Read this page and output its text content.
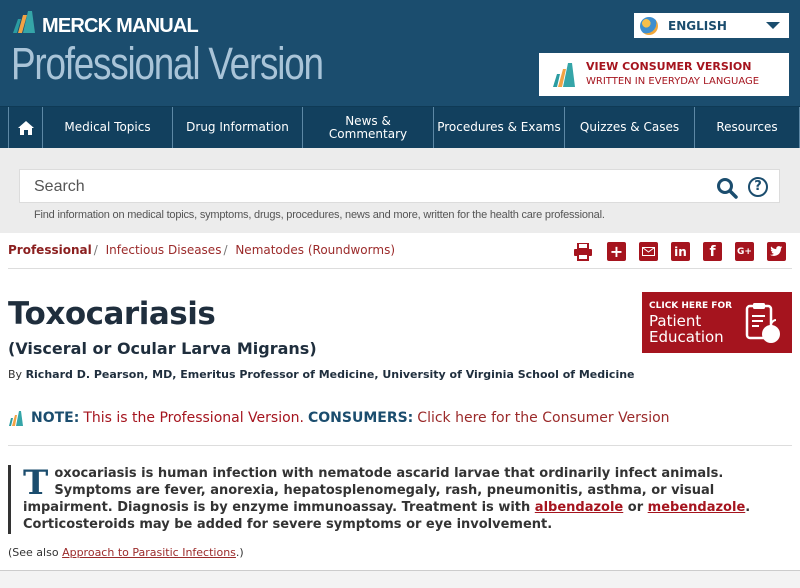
MERCK MANUAL
Professional Version
ENGLISH
VIEW CONSUMER VERSION
WRITTEN IN EVERYDAY LANGUAGE
Medical Topics	Drug Information	News & Commentary	Procedures & Exams	Quizzes & Cases	Resources
Search
?
Find information on medical topics, symptoms, drugs, procedures, news and more, written for the health care professional.
Professional / Infectious Diseases / Nematodes (Roundworms)	+	in f G+
Toxocariasis
(Visceral or Ocular Larva Migrans)
By Richard D. Pearson, MD, Emeritus Professor of Medicine, University of Virginia School of Medicine
CLICK HERE FOR
Patient
Education
NOTE: This is the Professional Version. CONSUMERS: Click here for the Consumer Version
Toxocariasis is human infection with nematode ascarid larvae that ordinarily infect animals. Symptoms are fever, anorexia, hepatosplenomegaly, rash, pneumonitis, asthma, or visual impairment. Diagnosis is by enzyme immunoassay. Treatment is with albendazole or mebendazole. Corticosteroids may be added for severe symptoms or eye involvement.
(See also Approach to Parasitic Infections.)
